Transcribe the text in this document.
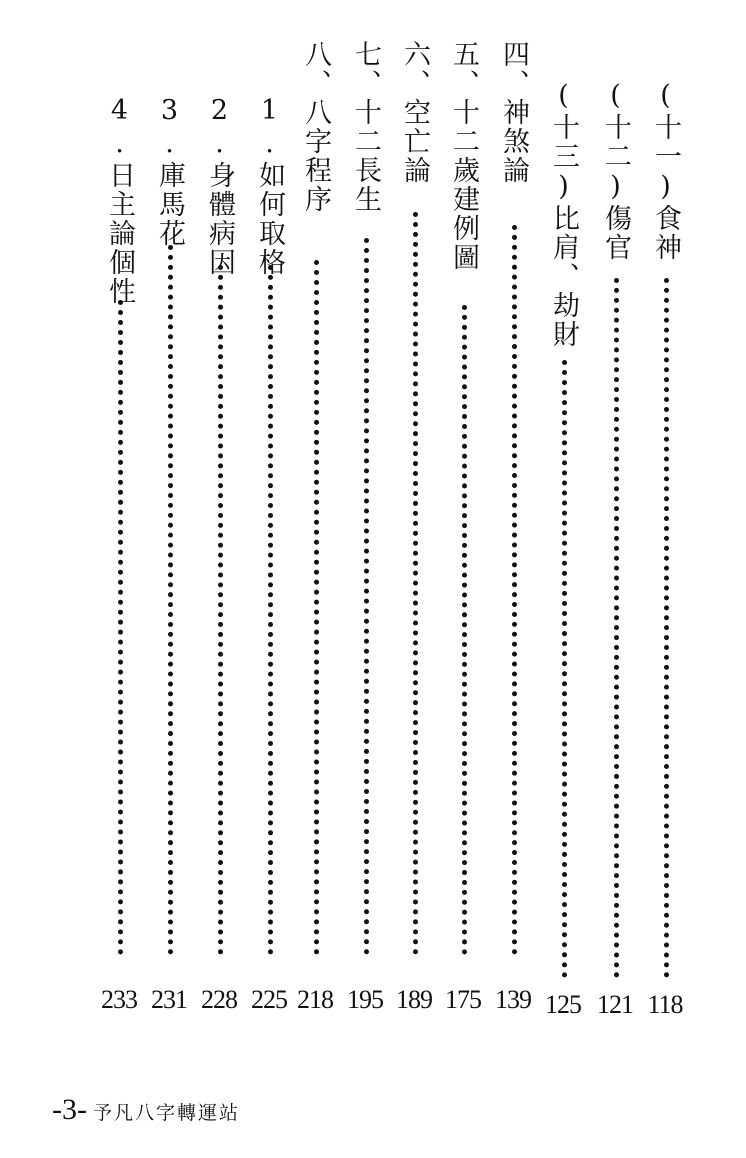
(十一)食神
118
(十二)傷官
121
(十三)比肩、劫財
125
四、神煞論
139
五、十二歲建例圖
175
六、空亡論
189
七、十二長生
195
八、八字程序
218
1.如何取格
225
2.身體病因
228
3.庫馬花
231
4.日主論個性
233
-3- 予凡八字轉運站
